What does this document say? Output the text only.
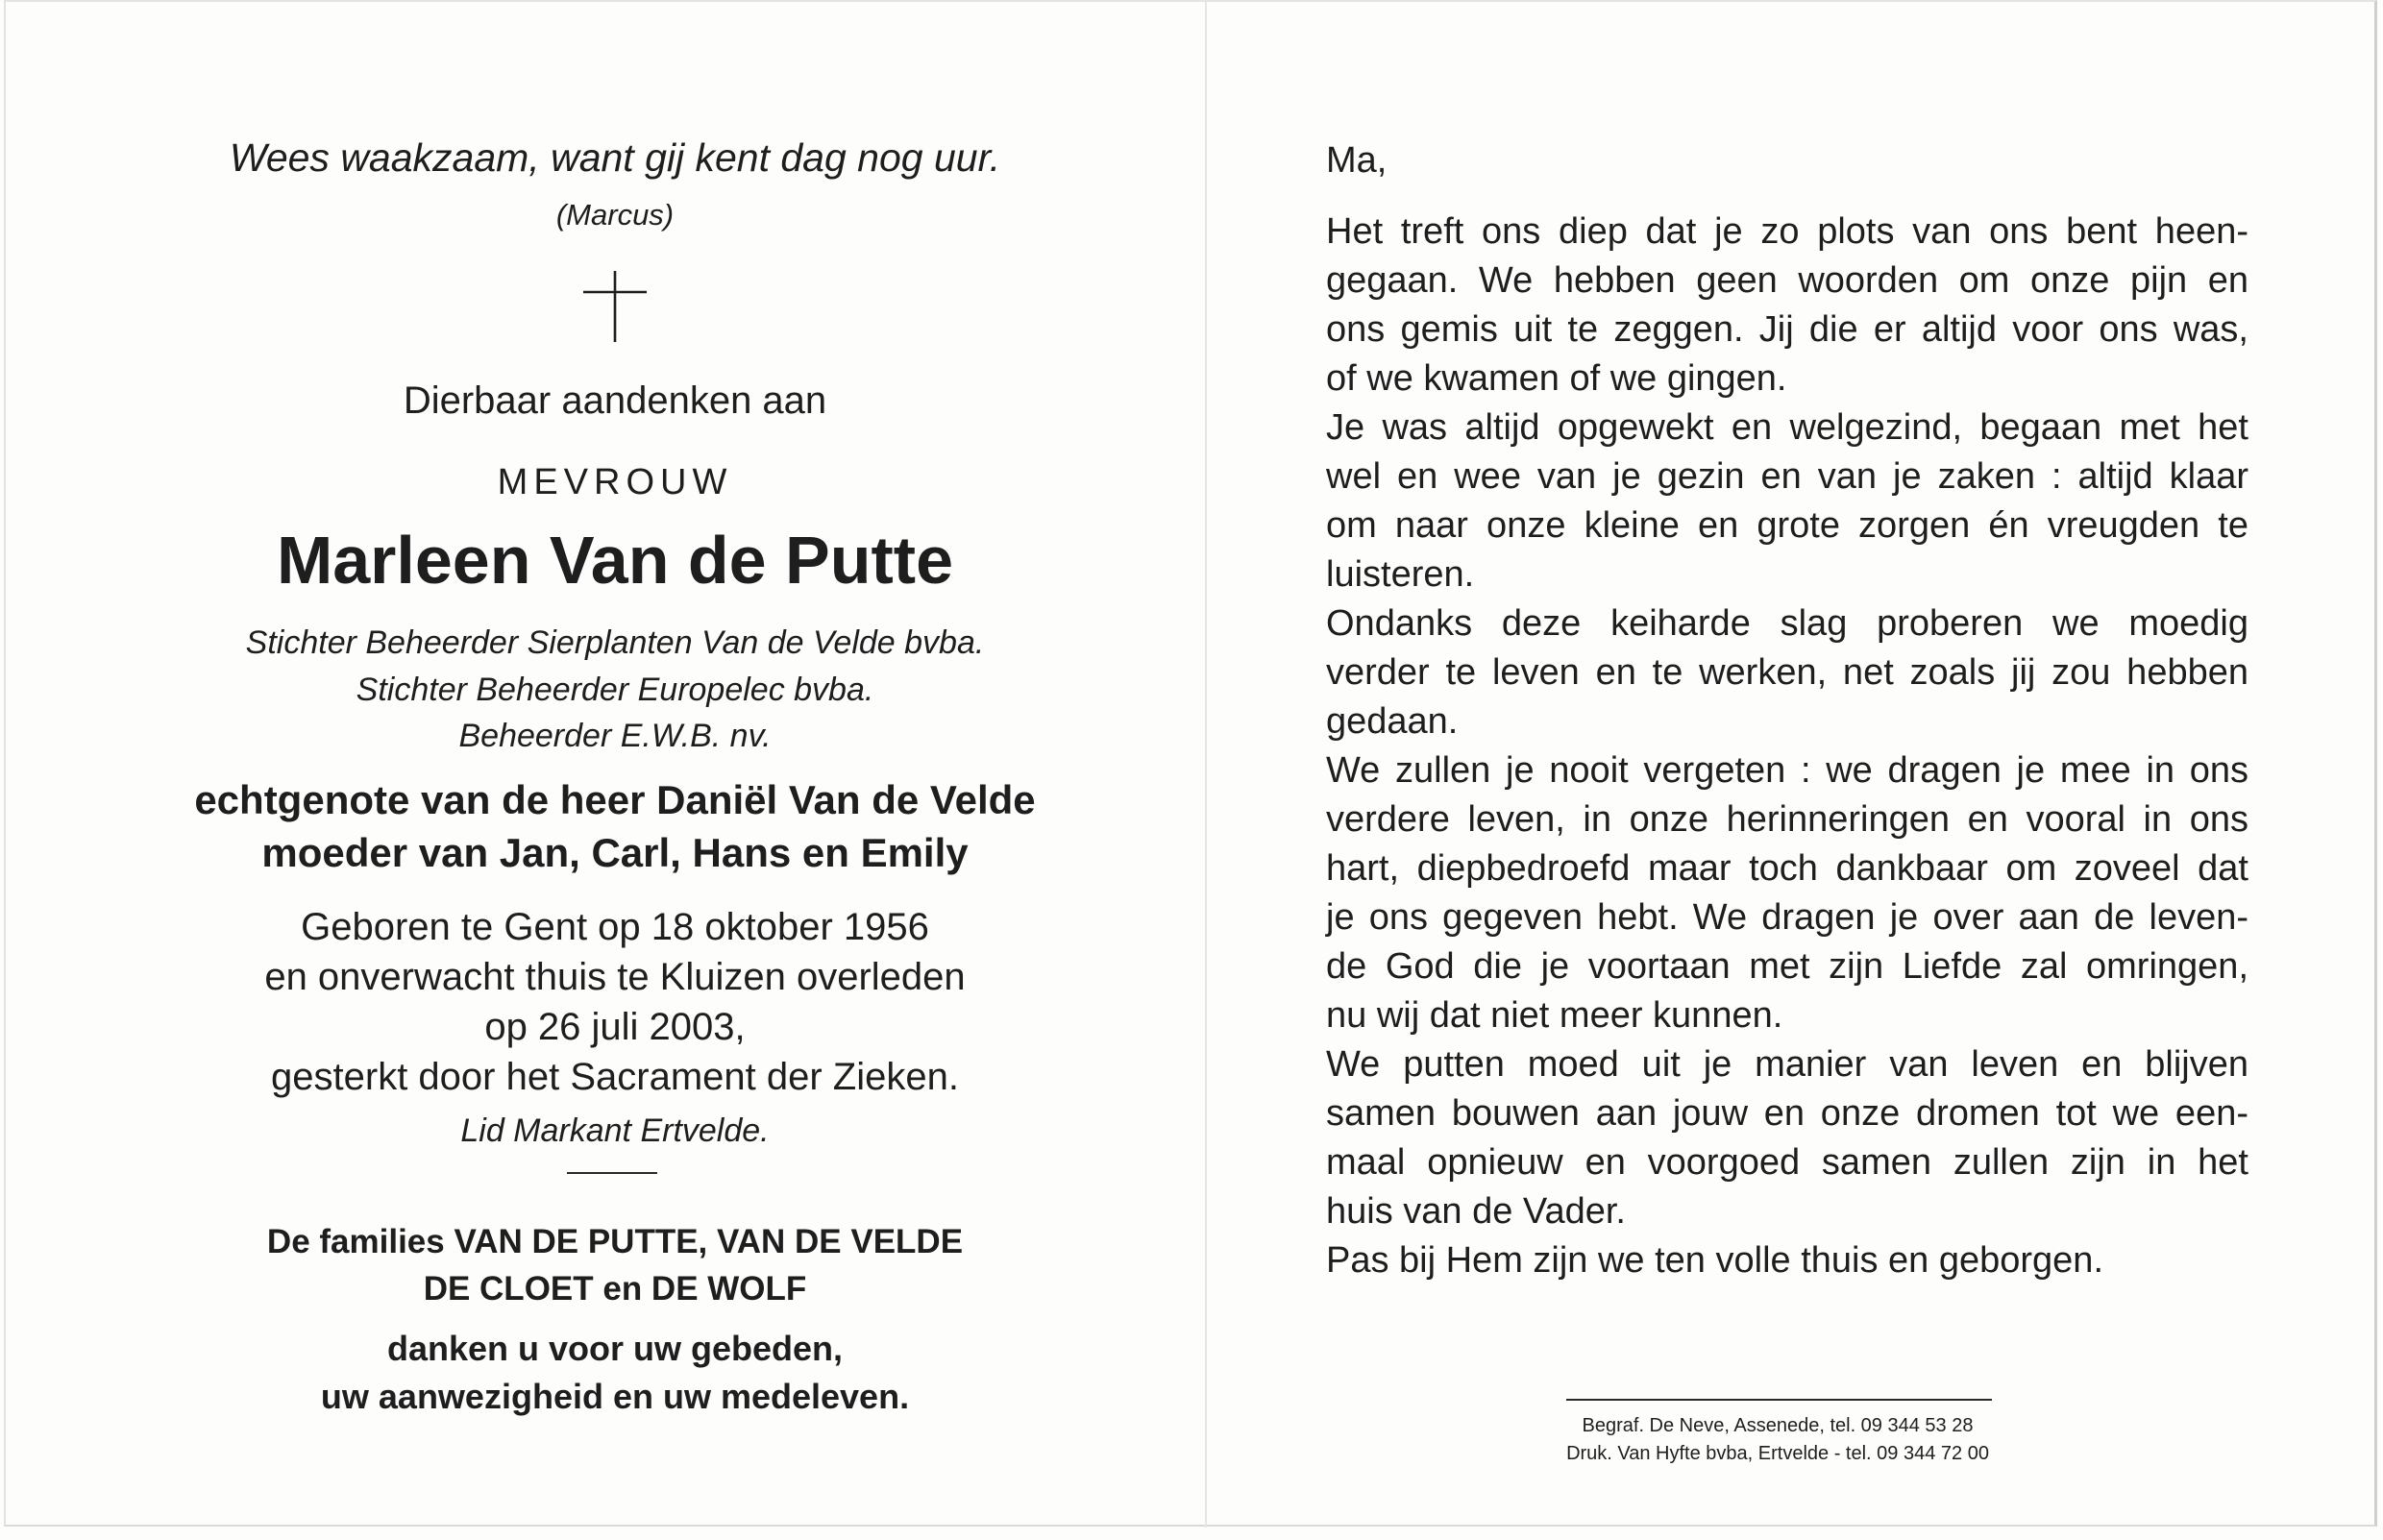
Wees waakzaam, want gij kent dag nog uur.
(Marcus)
Dierbaar aandenken aan
MEVROUW
Marleen Van de Putte
Stichter Beheerder Sierplanten Van de Velde bvba.
Stichter Beheerder Europelec bvba.
Beheerder E.W.B. nv.
echtgenote van de heer Daniël Van de Velde
moeder van Jan, Carl, Hans en Emily
Geboren te Gent op 18 oktober 1956
en onverwacht thuis te Kluizen overleden
op 26 juli 2003,
gesterkt door het Sacrament der Zieken.
Lid Markant Ertvelde.
De families VAN DE PUTTE, VAN DE VELDE
DE CLOET en DE WOLF
danken u voor uw gebeden,
uw aanwezigheid en uw medeleven.
Ma,
Het treft ons diep dat je zo plots van ons bent heen-
gegaan. We hebben geen woorden om onze pijn en
ons gemis uit te zeggen. Jij die er altijd voor ons was,
of we kwamen of we gingen.
Je was altijd opgewekt en welgezind, begaan met het
wel en wee van je gezin en van je zaken : altijd klaar
om naar onze kleine en grote zorgen én vreugden te
luisteren.
Ondanks deze keiharde slag proberen we moedig
verder te leven en te werken, net zoals jij zou hebben
gedaan.
We zullen je nooit vergeten : we dragen je mee in ons
verdere leven, in onze herinneringen en vooral in ons
hart, diepbedroefd maar toch dankbaar om zoveel dat
je ons gegeven hebt. We dragen je over aan de leven-
de God die je voortaan met zijn Liefde zal omringen,
nu wij dat niet meer kunnen.
We putten moed uit je manier van leven en blijven
samen bouwen aan jouw en onze dromen tot we een-
maal opnieuw en voorgoed samen zullen zijn in het
huis van de Vader.
Pas bij Hem zijn we ten volle thuis en geborgen.
Begraf. De Neve, Assenede, tel. 09 344 53 28
Druk. Van Hyfte bvba, Ertvelde - tel. 09 344 72 00
